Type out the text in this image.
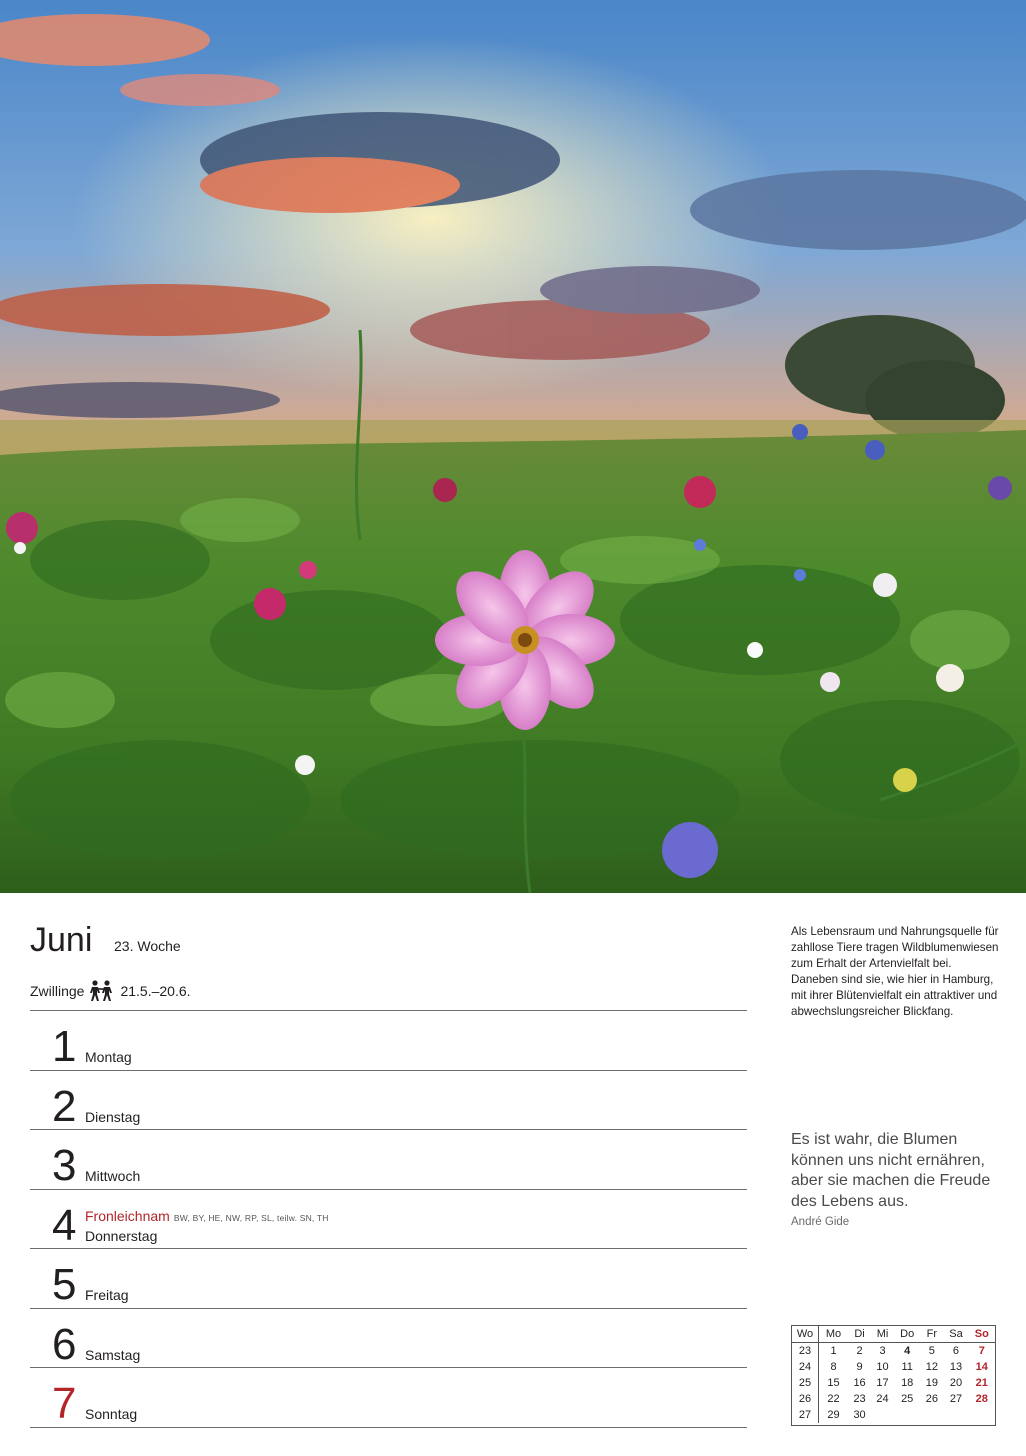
Juni 23. Woche
Zwillinge	21.5.–20.6.
1 Montag
2 Dienstag
3 Mittwoch
4 Fronleichnam BW, BY, HE, NW, RP, SL, teilw. SN, TH
Donnerstag
5 Freitag
6 Samstag
7 Sonntag
Als Lebensraum und Nahrungsquelle für zahllose Tiere tragen Wildblumenwiesen zum Erhalt der Artenvielfalt bei. Daneben sind sie, wie hier in Hamburg, mit ihrer Blütenvielfalt ein attraktiver und abwechslungsreicher Blickfang.
Es ist wahr, die Blumen können uns nicht ernähren, aber sie machen die Freude des Lebens aus.
André Gide
Wo	Mo	Di	Mi	Do	Fr	Sa	So
23	1	2	3	4	5	6	7
24	8	9	10	11	12	13	14
25	15	16	17	18	19	20	21
26	22	23	24	25	26	27	28
27	29	30					
